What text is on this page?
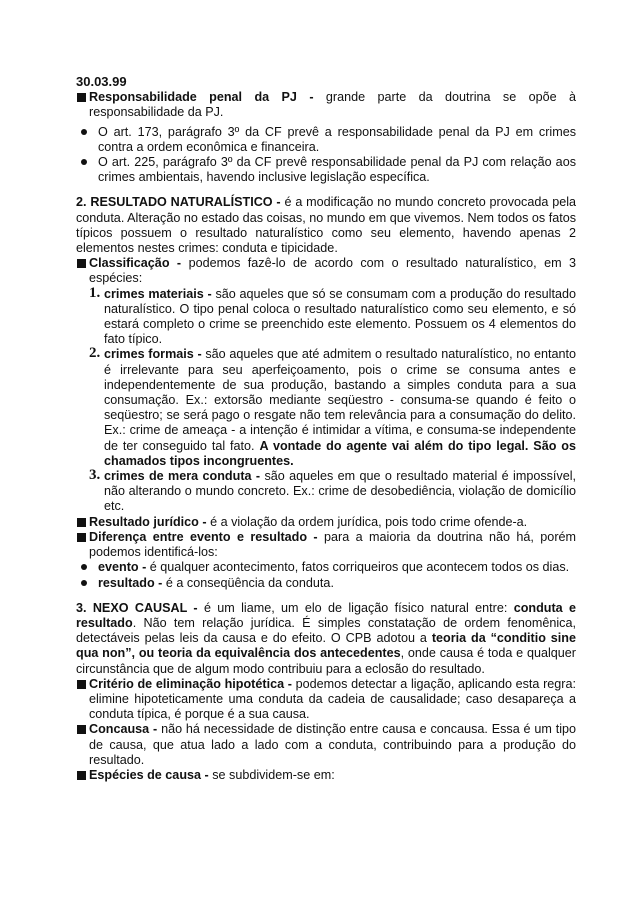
30.03.99

Responsabilidade penal da PJ - grande parte da doutrina se opõe à responsabilidade da PJ.
O art. 173, parágrafo 3º da CF prevê a responsabilidade penal da PJ em crimes contra a ordem econômica e financeira.
O art. 225, parágrafo 3º da CF prevê responsabilidade penal da PJ com relação aos crimes ambientais, havendo inclusive legislação específica.

2. RESULTADO NATURALÍSTICO - é a modificação no mundo concreto provocada pela conduta. Alteração no estado das coisas, no mundo em que vivemos. Nem todos os fatos típicos possuem o resultado naturalístico como seu elemento, havendo apenas 2 elementos nestes crimes: conduta e tipicidade.

Classificação - podemos fazê-lo de acordo com o resultado naturalístico, em 3 espécies:
1. crimes materiais - são aqueles que só se consumam com a produção do resultado naturalístico. O tipo penal coloca o resultado naturalístico como seu elemento, e só estará completo o crime se preenchido este elemento. Possuem os 4 elementos do fato típico.
2. crimes formais - são aqueles que até admitem o resultado naturalístico, no entanto é irrelevante para seu aperfeiçoamento, pois o crime se consuma antes e independentemente de sua produção, bastando a simples conduta para a sua consumação. Ex.: extorsão mediante seqüestro - consuma-se quando é feito o seqüestro; se será pago o resgate não tem relevância para a consumação do delito. Ex.: crime de ameaça - a intenção é intimidar a vítima, e consuma-se independente de ter conseguido tal fato. A vontade do agente vai além do tipo legal. São os chamados tipos incongruentes.
3. crimes de mera conduta - são aqueles em que o resultado material é impossível, não alterando o mundo concreto. Ex.: crime de desobediência, violação de domicílio etc.
Resultado jurídico - é a violação da ordem jurídica, pois todo crime ofende-a.
Diferença entre evento e resultado - para a maioria da doutrina não há, porém podemos identificá-los:
evento - é qualquer acontecimento, fatos corriqueiros que acontecem todos os dias.
resultado - é a conseqüência da conduta.

3. NEXO CAUSAL - é um liame, um elo de ligação físico natural entre: conduta e resultado. Não tem relação jurídica. É simples constatação de ordem fenomênica, detectáveis pelas leis da causa e do efeito. O CPB adotou a teoria da “conditio sine qua non”, ou teoria da equivalência dos antecedentes, onde causa é toda e qualquer circunstância que de algum modo contribuiu para a eclosão do resultado.

Critério de eliminação hipotética - podemos detectar a ligação, aplicando esta regra: elimine hipoteticamente uma conduta da cadeia de causalidade; caso desapareça a conduta típica, é porque é a sua causa.
Concausa - não há necessidade de distinção entre causa e concausa. Essa é um tipo de causa, que atua lado a lado com a conduta, contribuindo para a produção do resultado.
Espécies de causa - se subdividem-se em:
